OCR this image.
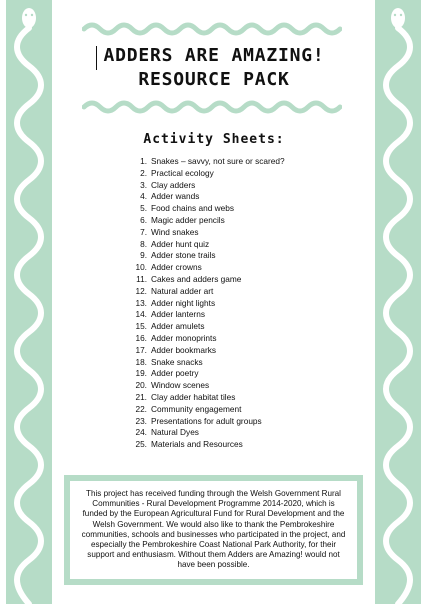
ADDERS ARE AMAZING!
RESOURCE PACK
Activity Sheets:
1. Snakes – savvy, not sure or scared?
2. Practical ecology
3. Clay adders
4. Adder wands
5. Food chains and webs
6. Magic adder pencils
7. Wind snakes
8. Adder hunt quiz
9. Adder stone trails
10. Adder crowns
11. Cakes and adders game
12. Natural adder art
13. Adder night lights
14. Adder lanterns
15. Adder amulets
16. Adder monoprints
17. Adder bookmarks
18. Snake snacks
19. Adder poetry
20. Window scenes
21. Clay adder habitat tiles
22. Community engagement
23. Presentations for adult groups
24. Natural Dyes
25. Materials and Resources
This project has received funding through the Welsh Government Rural Communities - Rural Development Programme 2014-2020, which is funded by the European Agricultural Fund for Rural Development and the Welsh Government. We would also like to thank the Pembrokeshire communities, schools and businesses who participated in the project, and especially the Pembrokeshire Coast National Park Authority, for their support and enthusiasm. Without them Adders are Amazing! would not have been possible.
